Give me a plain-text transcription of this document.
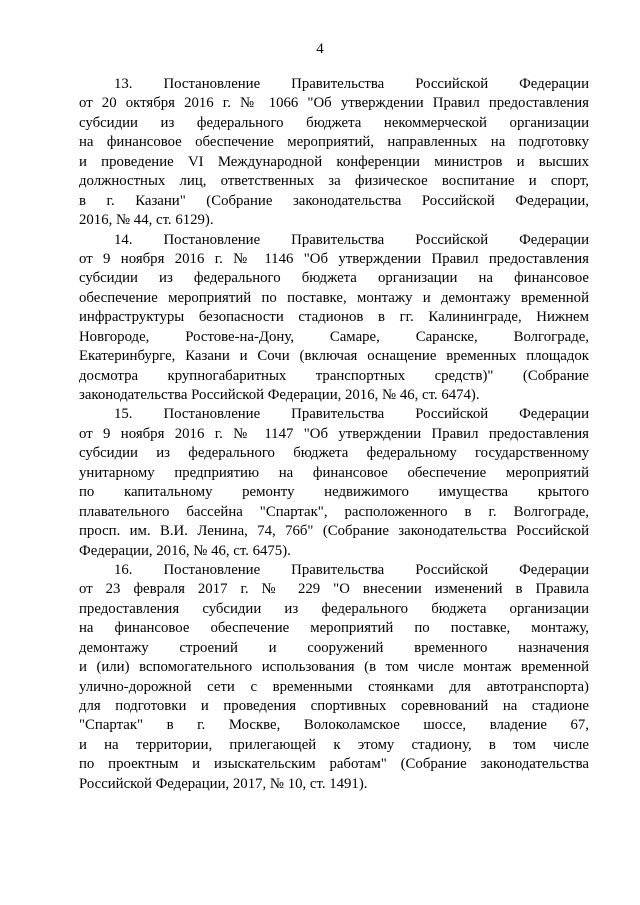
4
13. Постановление Правительства Российской Федерации
от 20 октября 2016 г. № 1066 "Об утверждении Правил предоставления
субсидии из федерального бюджета некоммерческой организации
на финансовое обеспечение мероприятий, направленных на подготовку
и проведение VI Международной конференции министров и высших
должностных лиц, ответственных за физическое воспитание и спорт,
в г. Казани" (Собрание законодательства Российской Федерации,
2016, № 44, ст. 6129).
14. Постановление Правительства Российской Федерации
от 9 ноября 2016 г. № 1146 "Об утверждении Правил предоставления
субсидии из федерального бюджета организации на финансовое
обеспечение мероприятий по поставке, монтажу и демонтажу временной
инфраструктуры безопасности стадионов в гг. Калининграде, Нижнем
Новгороде, Ростове-на-Дону, Самаре, Саранске, Волгограде,
Екатеринбурге, Казани и Сочи (включая оснащение временных площадок
досмотра крупногабаритных транспортных средств)" (Собрание
законодательства Российской Федерации, 2016, № 46, ст. 6474).
15. Постановление Правительства Российской Федерации
от 9 ноября 2016 г. № 1147 "Об утверждении Правил предоставления
субсидии из федерального бюджета федеральному государственному
унитарному предприятию на финансовое обеспечение мероприятий
по капитальному ремонту недвижимого имущества крытого
плавательного бассейна "Спартак", расположенного в г. Волгограде,
просп. им. В.И. Ленина, 74, 76б" (Собрание законодательства Российской
Федерации, 2016, № 46, ст. 6475).
16. Постановление Правительства Российской Федерации
от 23 февраля 2017 г. № 229 "О внесении изменений в Правила
предоставления субсидии из федерального бюджета организации
на финансовое обеспечение мероприятий по поставке, монтажу,
демонтажу строений и сооружений временного назначения
и (или) вспомогательного использования (в том числе монтаж временной
улично-дорожной сети с временными стоянками для автотранспорта)
для подготовки и проведения спортивных соревнований на стадионе
"Спартак" в г. Москве, Волоколамское шоссе, владение 67,
и на территории, прилегающей к этому стадиону, в том числе
по проектным и изыскательским работам" (Собрание законодательства
Российской Федерации, 2017, № 10, ст. 1491).
